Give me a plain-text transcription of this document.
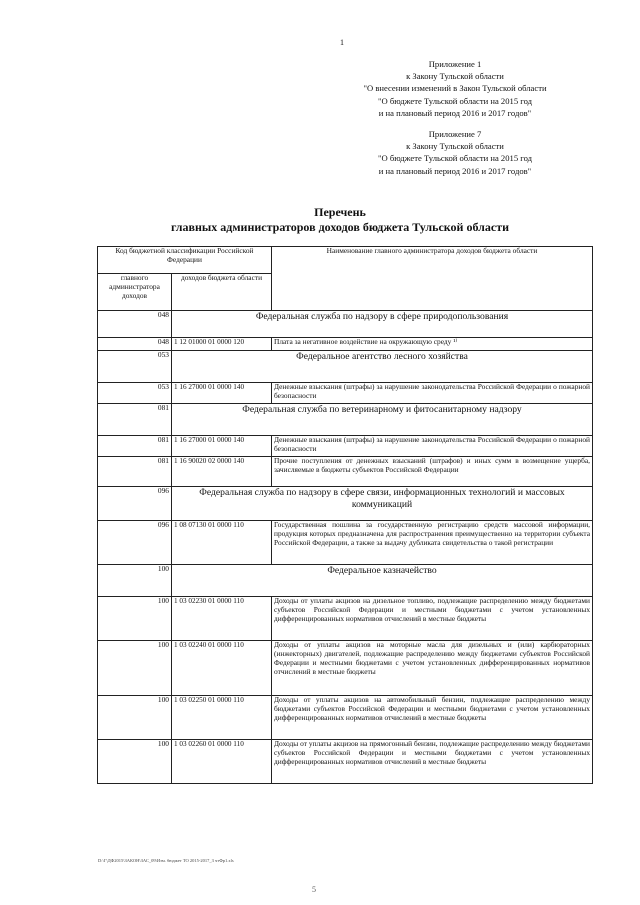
1
Приложение 1
к Закону Тульской области
"О внесении изменений в Закон Тульской области
"О бюджете Тульской области на 2015 год
и на плановый период 2016 и 2017 годов"
Приложение 7
к Закону Тульской области
"О бюджете Тульской области на 2015 год
и на плановый период 2016 и 2017 годов"
Перечень
главных администраторов доходов бюджета Тульской области
Код бюджетной классификации Российской Федерации		Наименование главного администратора доходов бюджета области
главного администратора доходов	доходов бюджета области	
048	Федеральная служба по надзору в сфере природопользования	
048	1 12 01000 01 0000 120	Плата за негативное воздействие на окружающую среду ¹⁾
053	Федеральное агентство лесного хозяйства	
053	1 16 27000 01 0000 140	Денежные взыскания (штрафы) за нарушение законодательства Российской Федерации о пожарной безопасности
081	Федеральная служба по ветеринарному и фитосанитарному надзору	
081	1 16 27000 01 0000 140	Денежные взыскания (штрафы) за нарушение законодательства Российской Федерации о пожарной безопасности
081	1 16 90020 02 0000 140	Прочие поступления от денежных взысканий (штрафов) и иных сумм в возмещение ущерба, зачисляемые в бюджеты субъектов Российской Федерации
096	Федеральная служба по надзору в сфере связи, информационных технологий и массовых коммуникаций	
096	1 08 07130 01 0000 110	Государственная пошлина за государственную регистрацию средств массовой информации, продукция которых предназначена для распространения преимущественно на территории субъекта Российской Федерации, а также за выдачу дубликата свидетельства о такой регистрации
100	Федеральное казначейство	
100	1 03 02230 01 0000 110	Доходы от уплаты акцизов на дизельное топливо, подлежащие распределению между бюджетами субъектов Российской Федерации и местными бюджетами с учетом установленных дифференцированных нормативов отчислений в местные бюджеты
100	1 03 02240 01 0000 110	Доходы от уплаты акцизов на моторные масла для дизельных и (или) карбюраторных (инжекторных) двигателей, подлежащие распределению между бюджетами субъектов Российской Федерации и местными бюджетами с учетом установленных дифференцированных нормативов отчислений в местные бюджеты
100	1 03 02250 01 0000 110	Доходы от уплаты акцизов на автомобильный бензин, подлежащие распределению между бюджетами субъектов Российской Федерации и местными бюджетами с учетом установленных дифференцированных нормативов отчислений в местные бюджеты
100	1 03 02260 01 0000 110	Доходы от уплаты акцизов на прямогонный бензин, подлежащие распределению между бюджетами субъектов Российской Федерации и местными бюджетами с учетом установленных дифференцированных нормативов отчислений в местные бюджеты
D:\Г\ДФ2015\ЗАКОН\ЗАС_09\Изм. бюджет ТО 2015-2017_3 чтФр1.xls
5
